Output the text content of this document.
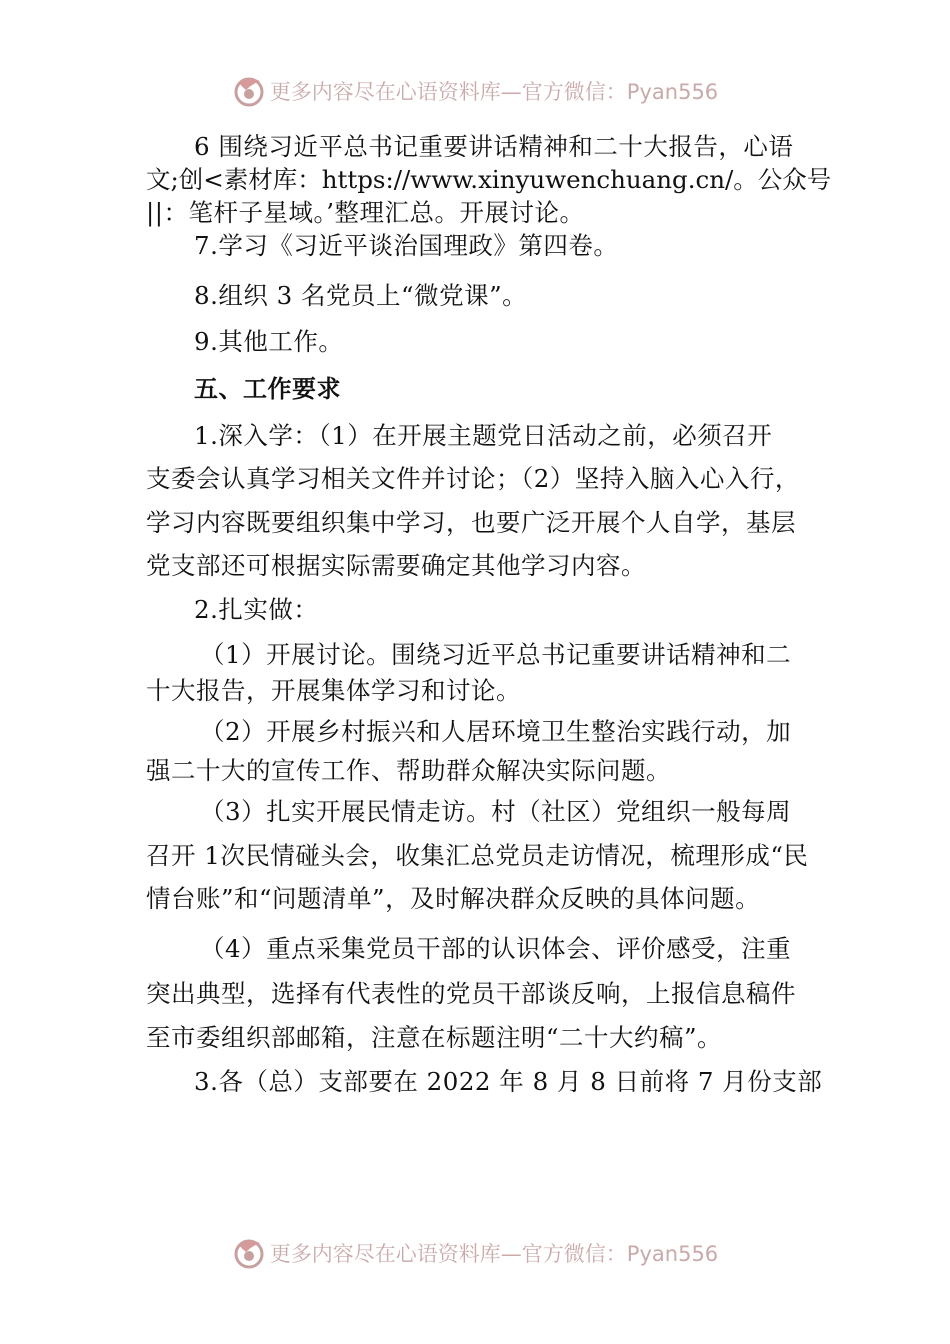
更多内容尽在心语资料库—官方微信：Pyan556
6 围绕习近平总书记重要讲话精神和二十大报告，心语
文;创<素材库：https://www.xinyuwenchuang.cn/。公众号
||：笔杆子星域。’整理汇总。开展讨论。
7.学习《习近平谈治国理政》第四卷。
8.组织 3 名党员上“微党课”。
9.其他工作。
五、工作要求
1.深入学：（1）在开展主题党日活动之前，必须召开
支委会认真学习相关文件并讨论；（2）坚持入脑入心入行，
学习内容既要组织集中学习，也要广泛开展个人自学，基层
党支部还可根据实际需要确定其他学习内容。
2.扎实做：
（1）开展讨论。围绕习近平总书记重要讲话精神和二
十大报告，开展集体学习和讨论。
（2）开展乡村振兴和人居环境卫生整治实践行动，加
强二十大的宣传工作、帮助群众解决实际问题。
（3）扎实开展民情走访。村（社区）党组织一般每周
召开 1次民情碰头会，收集汇总党员走访情况，梳理形成“民
情台账”和“问题清单”，及时解决群众反映的具体问题。
（4）重点采集党员干部的认识体会、评价感受，注重
突出典型，选择有代表性的党员干部谈反响，上报信息稿件
至市委组织部邮箱，注意在标题注明“二十大约稿”。
3.各（总）支部要在 2022 年 8 月 8 日前将 7 月份支部
更多内容尽在心语资料库—官方微信：Pyan556
